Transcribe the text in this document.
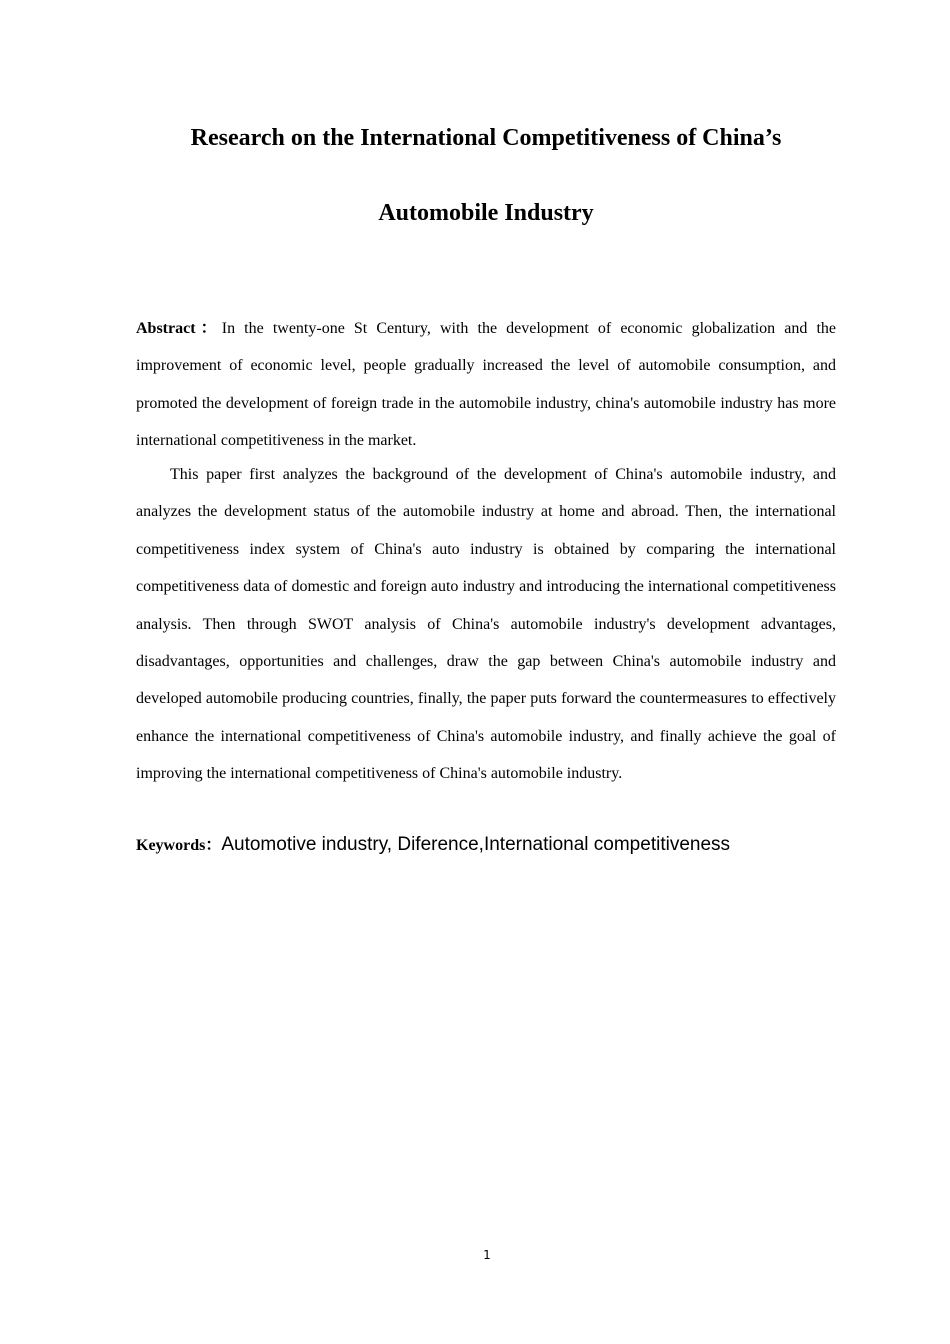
Research on the International Competitiveness of China’s
Automobile Industry

Abstract：In the twenty-one St Century, with the development of economic globalization and the improvement of economic level, people gradually increased the level of automobile consumption, and promoted the development of foreign trade in the automobile industry, china's automobile industry has more international competitiveness in the market.

This paper first analyzes the background of the development of China's automobile industry, and analyzes the development status of the automobile industry at home and abroad. Then, the international competitiveness index system of China's auto industry is obtained by comparing the international competitiveness data of domestic and foreign auto industry and introducing the international competitiveness analysis. Then through SWOT analysis of China's automobile industry's development advantages, disadvantages, opportunities and challenges, draw the gap between China's automobile industry and developed automobile producing countries, finally, the paper puts forward the countermeasures to effectively enhance the international competitiveness of China's automobile industry, and finally achieve the goal of improving the international competitiveness of China's automobile industry.

Keywords：Automotive industry, Diference,International competitiveness

1
